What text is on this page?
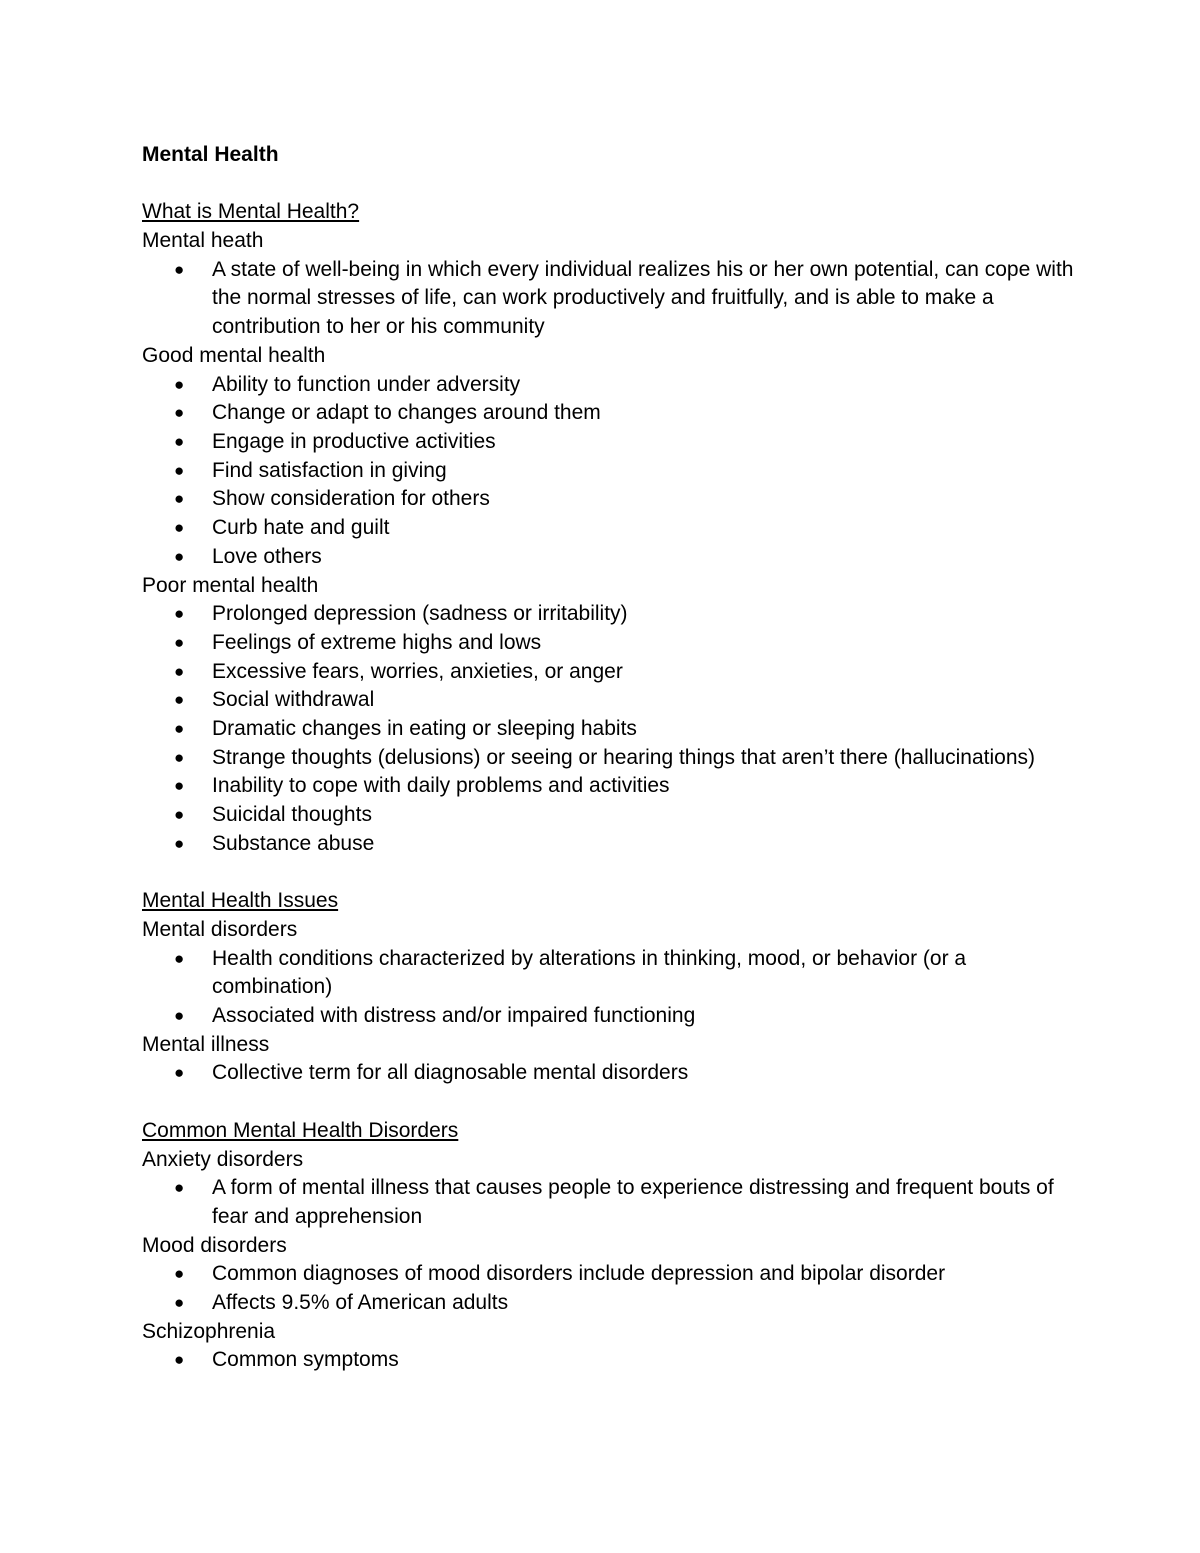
Mental Health
What is Mental Health?
Mental heath
● A state of well-being in which every individual realizes his or her own potential, can cope with the normal stresses of life, can work productively and fruitfully, and is able to make a contribution to her or his community
Good mental health
● Ability to function under adversity
● Change or adapt to changes around them
● Engage in productive activities
● Find satisfaction in giving
● Show consideration for others
● Curb hate and guilt
● Love others
Poor mental health
● Prolonged depression (sadness or irritability)
● Feelings of extreme highs and lows
● Excessive fears, worries, anxieties, or anger
● Social withdrawal
● Dramatic changes in eating or sleeping habits
● Strange thoughts (delusions) or seeing or hearing things that aren’t there (hallucinations)
● Inability to cope with daily problems and activities
● Suicidal thoughts
● Substance abuse
Mental Health Issues
Mental disorders
● Health conditions characterized by alterations in thinking, mood, or behavior (or a combination)
● Associated with distress and/or impaired functioning
Mental illness
● Collective term for all diagnosable mental disorders
Common Mental Health Disorders
Anxiety disorders
● A form of mental illness that causes people to experience distressing and frequent bouts of fear and apprehension
Mood disorders
● Common diagnoses of mood disorders include depression and bipolar disorder
● Affects 9.5% of American adults
Schizophrenia
● Common symptoms
